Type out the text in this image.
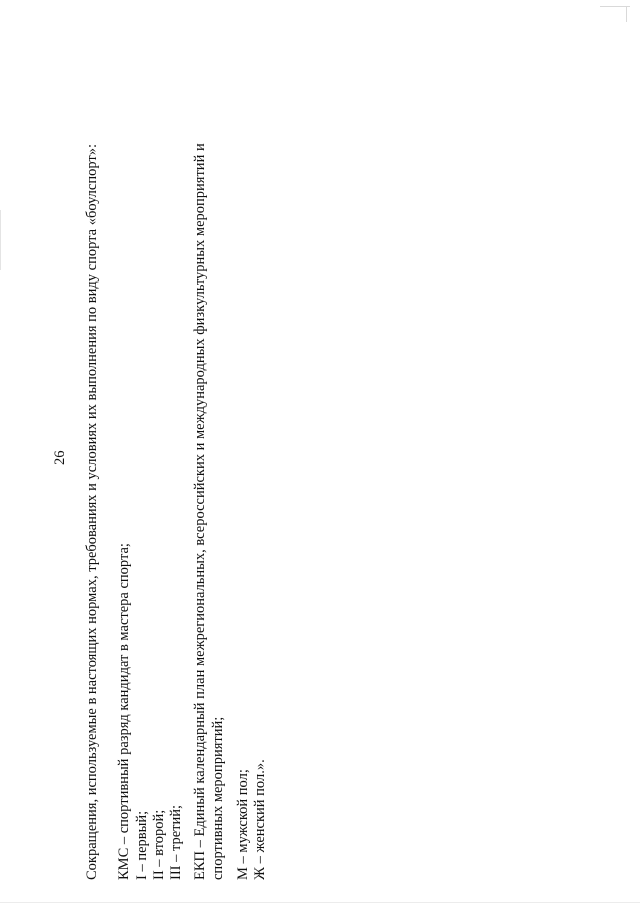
26 Сокращения, используемые в настоящих нормах, требованиях и условиях их выполнения по виду спорта «боулспорт»: КМС – спортивный разряд кандидат в мастера спорта; I – первый; II – второй; III – третий; ЕКП – Единый календарный план межрегиональных, всероссийских и международных физкультурных мероприятий и спортивных мероприятий; М – мужской пол; Ж – женский пол.».
